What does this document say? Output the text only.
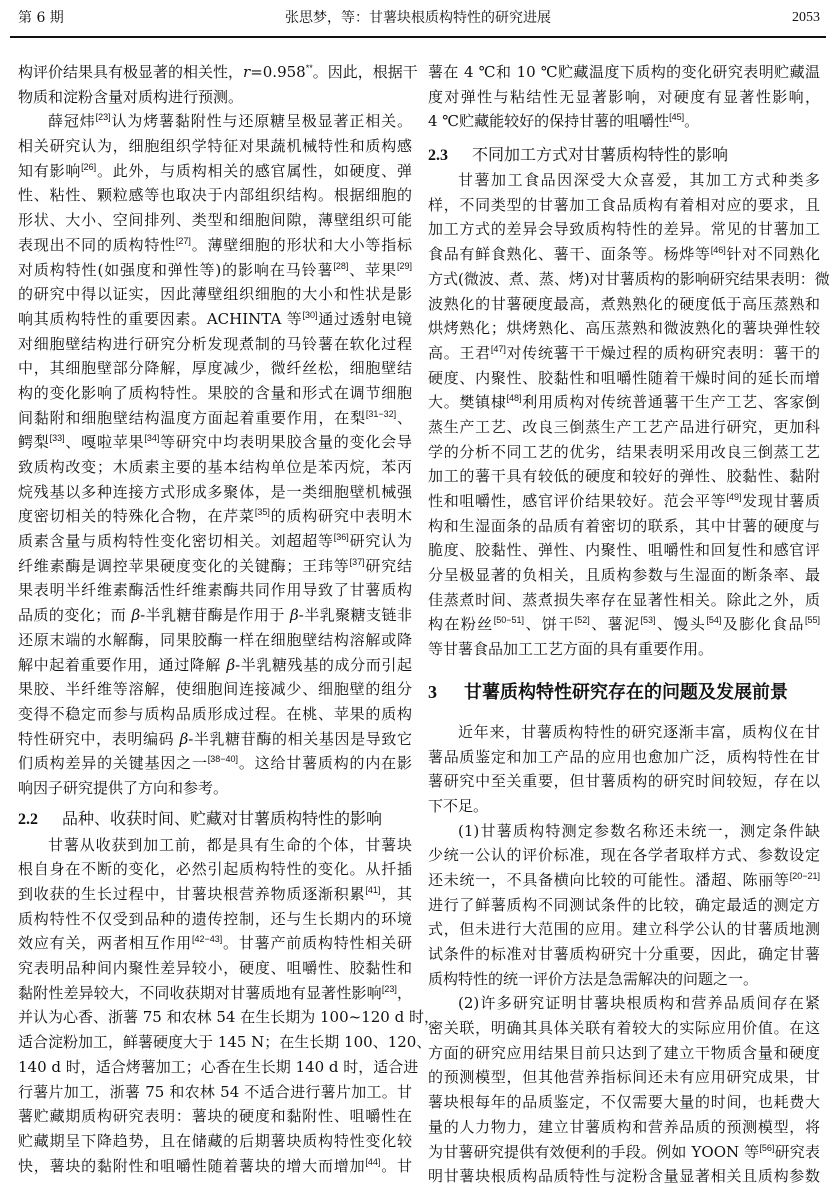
第 6 期	张思梦，等：甘薯块根质构特性的研究进展	2053
构评价结果具有极显著的相关性，r=0.958**。因此，根据干
物质和淀粉含量对质构进行预测。
薛冠炜[23]认为烤薯黏附性与还原糖呈极显著正相关。
相关研究认为，细胞组织学特征对果蔬机械特性和质构感
知有影响[26]。此外，与质构相关的感官属性，如硬度、弹
性、粘性、颗粒感等也取决于内部组织结构。根据细胞的
形状、大小、空间排列、类型和细胞间隙，薄壁组织可能
表现出不同的质构特性[27]。薄壁细胞的形状和大小等指标
对质构特性(如强度和弹性等)的影响在马铃薯[28]、苹果[29]
的研究中得以证实，因此薄壁组织细胞的大小和性状是影
响其质构特性的重要因素。ACHINTA 等[30]通过透射电镜
对细胞壁结构进行研究分析发现煮制的马铃薯在软化过程
中，其细胞壁部分降解，厚度减少，微纤丝松，细胞壁结
构的变化影响了质构特性。果胶的含量和形式在调节细胞
间黏附和细胞壁结构温度方面起着重要作用，在梨[31−32]、
鳄梨[33]、嘎啦苹果[34]等研究中均表明果胶含量的变化会导
致质构改变；木质素主要的基本结构单位是苯丙烷，苯丙
烷残基以多种连接方式形成多聚体，是一类细胞壁机械强
度密切相关的特殊化合物，在芹菜[35]的质构研究中表明木
质素含量与质构特性变化密切相关。刘超超等[36]研究认为
纤维素酶是调控苹果硬度变化的关键酶；王玮等[37]研究结
果表明半纤维素酶活性纤维素酶共同作用导致了甘薯质构
品质的变化；而 β-半乳糖苷酶是作用于 β-半乳聚糖支链非
还原末端的水解酶，同果胶酶一样在细胞壁结构溶解或降
解中起着重要作用，通过降解 β-半乳糖残基的成分而引起
果胶、半纤维等溶解，使细胞间连接减少、细胞壁的组分
变得不稳定而参与质构品质形成过程。在桃、苹果的质构
特性研究中，表明编码 β-半乳糖苷酶的相关基因是导致它
们质构差异的关键基因之一[38−40]。这给甘薯质构的内在影
响因子研究提供了方向和参考。
2.2 品种、收获时间、贮藏对甘薯质构特性的影响
甘薯从收获到加工前，都是具有生命的个体，甘薯块
根自身在不断的变化，必然引起质构特性的变化。从扦插
到收获的生长过程中，甘薯块根营养物质逐渐积累[41]，其
质构特性不仅受到品种的遗传控制，还与生长期内的环境
效应有关，两者相互作用[42−43]。甘薯产前质构特性相关研
究表明品种间内聚性差异较小，硬度、咀嚼性、胶黏性和
黏附性差异较大，不同收获期对甘薯质地有显著性影响[23]，
并认为心香、浙薯 75 和农林 54 在生长期为 100~120 d 时，
适合淀粉加工，鲜薯硬度大于 145 N；在生长期 100、120、
140 d 时，适合烤薯加工；心香在生长期 140 d 时，适合进
行薯片加工，浙薯 75 和农林 54 不适合进行薯片加工。甘
薯贮藏期质构研究表明：薯块的硬度和黏附性、咀嚼性在
贮藏期呈下降趋势，且在储藏的后期薯块质构特性变化较
快，薯块的黏附性和咀嚼性随着薯块的增大而增加[44]。甘
薯在 4 ℃和 10 ℃贮藏温度下质构的变化研究表明贮藏温
度对弹性与粘结性无显著影响，对硬度有显著性影响，
4 ℃贮藏能较好的保持甘薯的咀嚼性[45]。
2.3 不同加工方式对甘薯质构特性的影响
甘薯加工食品因深受大众喜爱，其加工方式种类多
样，不同类型的甘薯加工食品质构有着相对应的要求，且
加工方式的差异会导致质构特性的差异。常见的甘薯加工
食品有鲜食熟化、薯干、面条等。杨烨等[46]针对不同熟化
方式(微波、煮、蒸、烤)对甘薯质构的影响研究结果表明：微
波熟化的甘薯硬度最高，煮熟熟化的硬度低于高压蒸熟和
烘烤熟化；烘烤熟化、高压蒸熟和微波熟化的薯块弹性较
高。王君[47]对传统薯干干燥过程的质构研究表明：薯干的
硬度、内聚性、胶黏性和咀嚼性随着干燥时间的延长而增
大。樊镇棣[48]利用质构对传统普通薯干生产工艺、客家倒
蒸生产工艺、改良三倒蒸生产工艺产品进行研究，更加科
学的分析不同工艺的优劣，结果表明采用改良三倒蒸工艺
加工的薯干具有较低的硬度和较好的弹性、胶黏性、黏附
性和咀嚼性，感官评价结果较好。范会平等[49]发现甘薯质
构和生湿面条的品质有着密切的联系，其中甘薯的硬度与
脆度、胶黏性、弹性、内聚性、咀嚼性和回复性和感官评
分呈极显著的负相关，且质构参数与生湿面的断条率、最
佳蒸煮时间、蒸煮损失率存在显著性相关。除此之外，质
构在粉丝[50−51]、饼干[52]、薯泥[53]、馒头[54]及膨化食品[55]
等甘薯食品加工工艺方面的具有重要作用。
3 甘薯质构特性研究存在的问题及发展前景
近年来，甘薯质构特性的研究逐渐丰富，质构仪在甘
薯品质鉴定和加工产品的应用也愈加广泛，质构特性在甘
薯研究中至关重要，但甘薯质构的研究时间较短，存在以
下不足。
(1)甘薯质构特测定参数名称还未统一，测定条件缺
少统一公认的评价标准，现在各学者取样方式、参数设定
还未统一，不具备横向比较的可能性。潘超、陈丽等[20−21]
进行了鲜薯质构不同测试条件的比较，确定最适的测定方
式，但未进行大范围的应用。建立科学公认的甘薯质地测
试条件的标准对甘薯质构研究十分重要，因此，确定甘薯
质构特性的统一评价方法是急需解决的问题之一。
(2)许多研究证明甘薯块根质构和营养品质间存在紧
密关联，明确其具体关联有着较大的实际应用价值。在这
方面的研究应用结果目前只达到了建立干物质含量和硬度
的预测模型，但其他营养指标间还未有应用研究成果，甘
薯块根每年的品质鉴定，不仅需要大量的时间，也耗费大
量的人力物力，建立甘薯质构和营养品质的预测模型，将
为甘薯研究提供有效便利的手段。例如 YOON 等[56]研究表
明甘薯块根质构品质特性与淀粉含量显著相关且质构参数
